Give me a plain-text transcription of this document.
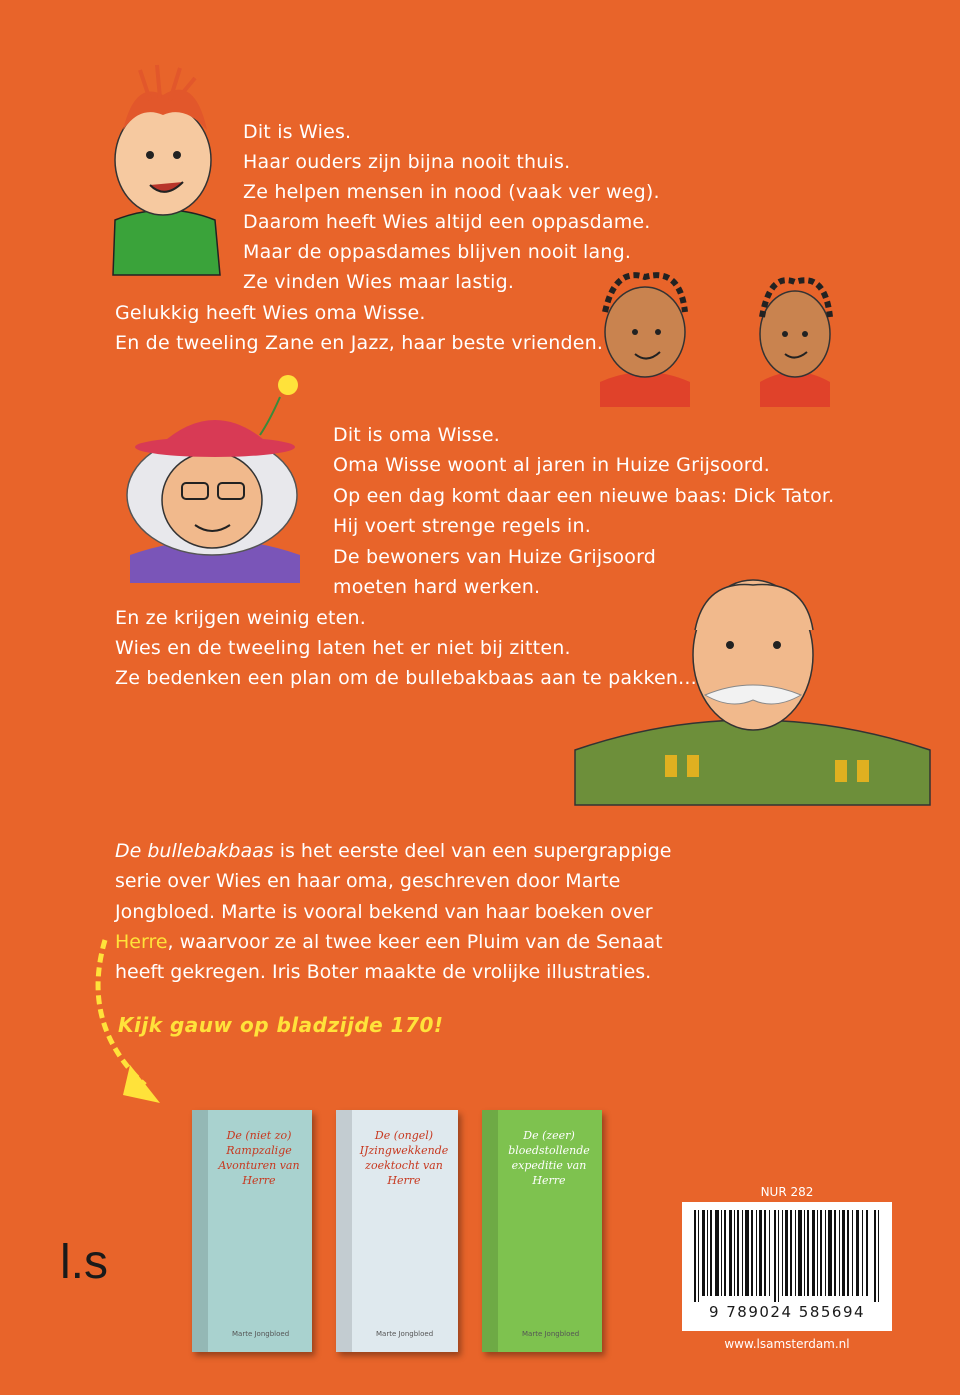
Dit is Wies.
Haar ouders zijn bijna nooit thuis.
Ze helpen mensen in nood (vaak ver weg).
Daarom heeft Wies altijd een oppasdame.
Maar de oppasdames blijven nooit lang.
Ze vinden Wies maar lastig.
Gelukkig heeft Wies oma Wisse.
En de tweeling Zane en Jazz, haar beste vrienden.
Dit is oma Wisse.
Oma Wisse woont al jaren in Huize Grijsoord.
Op een dag komt daar een nieuwe baas: Dick Tator.
Hij voert strenge regels in.
De bewoners van Huize Grijsoord
moeten hard werken.
En ze krijgen weinig eten.
Wies en de tweeling laten het er niet bij zitten.
Ze bedenken een plan om de bullebakbaas aan te pakken...
De bullebakbaas is het eerste deel van een supergrappige serie over Wies en haar oma, geschreven door Marte Jongbloed. Marte is vooral bekend van haar boeken over Herre, waarvoor ze al twee keer een Pluim van de Senaat heeft gekregen. Iris Boter maakte de vrolijke illustraties.
Kijk gauw op bladzijde 170!
De (niet zo) Rampzalige Avonturen van Herre
Marte Jongbloed
De (ongel) IJzingwekkende zoektocht van Herre
Marte Jongbloed
De (zeer) bloedstollende expeditie van Herre
Marte Jongbloed
l.s
NUR 282
9 789024 585694
www.lsamsterdam.nl
